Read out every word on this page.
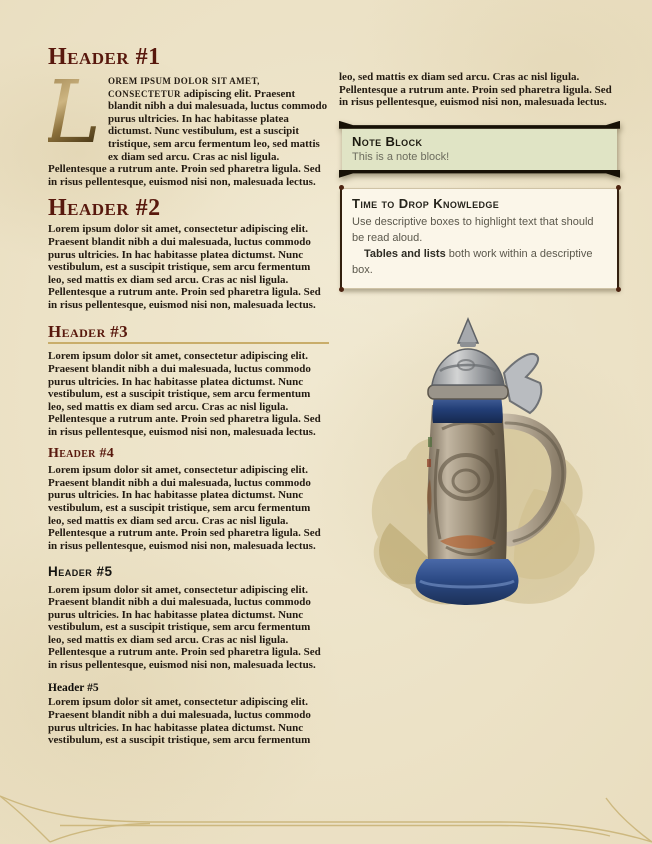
Header #1

L OREM IPSUM DOLOR SIT AMET, CONSECTETUR adipiscing elit. Praesent blandit nibh a dui malesuada, luctus commodo purus ultricies. In hac habitasse platea dictumst. Nunc vestibulum, est a suscipit tristique, sem arcu fermentum leo, sed mattis ex diam sed arcu. Cras ac nisl ligula. Pellentesque a rutrum ante. Proin sed pharetra ligula. Sed in risus pellentesque, euismod nisi non, malesuada lectus.

Header #2

Lorem ipsum dolor sit amet, consectetur adipiscing elit. Praesent blandit nibh a dui malesuada, luctus commodo purus ultricies. In hac habitasse platea dictumst. Nunc vestibulum, est a suscipit tristique, sem arcu fermentum leo, sed mattis ex diam sed arcu. Cras ac nisl ligula. Pellentesque a rutrum ante. Proin sed pharetra ligula. Sed in risus pellentesque, euismod nisi non, malesuada lectus.

Header #3

Lorem ipsum dolor sit amet, consectetur adipiscing elit. Praesent blandit nibh a dui malesuada, luctus commodo purus ultricies. In hac habitasse platea dictumst. Nunc vestibulum, est a suscipit tristique, sem arcu fermentum leo, sed mattis ex diam sed arcu. Cras ac nisl ligula. Pellentesque a rutrum ante. Proin sed pharetra ligula. Sed in risus pellentesque, euismod nisi non, malesuada lectus.

Header #4

Lorem ipsum dolor sit amet, consectetur adipiscing elit. Praesent blandit nibh a dui malesuada, luctus commodo purus ultricies. In hac habitasse platea dictumst. Nunc vestibulum, est a suscipit tristique, sem arcu fermentum leo, sed mattis ex diam sed arcu. Cras ac nisl ligula. Pellentesque a rutrum ante. Proin sed pharetra ligula. Sed in risus pellentesque, euismod nisi non, malesuada lectus.

Header #5

Lorem ipsum dolor sit amet, consectetur adipiscing elit. Praesent blandit nibh a dui malesuada, luctus commodo purus ultricies. In hac habitasse platea dictumst. Nunc vestibulum, est a suscipit tristique, sem arcu fermentum leo, sed mattis ex diam sed arcu. Cras ac nisl ligula. Pellentesque a rutrum ante. Proin sed pharetra ligula. Sed in risus pellentesque, euismod nisi non, malesuada lectus.

Header #5

Lorem ipsum dolor sit amet, consectetur adipiscing elit. Praesent blandit nibh a dui malesuada, luctus commodo purus ultricies. In hac habitasse platea dictumst. Nunc vestibulum, est a suscipit tristique, sem arcu fermentum

leo, sed mattis ex diam sed arcu. Cras ac nisl ligula. Pellentesque a rutrum ante. Proin sed pharetra ligula. Sed in risus pellentesque, euismod nisi non, malesuada lectus.

Note Block
This is a note block!
Time to Drop Knowledge

Use descriptive boxes to highlight text that should be read aloud.

Tables and lists both work within a descriptive box.
